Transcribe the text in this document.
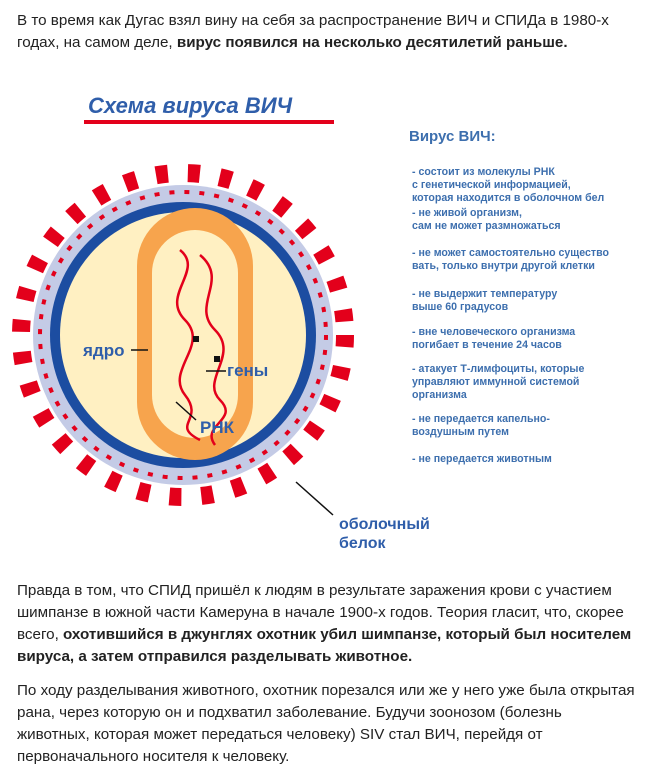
В то время как Дугас взял вину на себя за распространение ВИЧ и СПИДа в 1980-х годах, на самом деле, вирус появился на несколько десятилетий раньше.

Схема вируса ВИЧ
ядро
гены
РНК
оболочный
белок
Вирус ВИЧ:
- состоит из молекулы РНК
с генетической информацией,
которая находится в оболочном бел
- не живой организм,
сам не может размножаться
- не может самостоятельно существо
вать, только внутри другой клетки
- не выдержит температуру
выше 60 градусов
- вне человеческого организма
погибает в течение 24 часов
- атакует Т-лимфоциты, которые
управляют иммунной системой
организма
- не передается капельно-
воздушным путем
- не передается животным

Правда в том, что СПИД пришёл к людям в результате заражения крови с участием шимпанзе в южной части Камеруна в начале 1900-х годов. Теория гласит, что, скорее всего, охотившийся в джунглях охотник убил шимпанзе, который был носителем вируса, а затем отправился разделывать животное.

По ходу разделывания животного, охотник порезался или же у него уже была открытая рана, через которую он и подхватил заболевание. Будучи зоонозом (болезнь животных, которая может передаться человеку) SIV стал ВИЧ, перейдя от первоначального носителя к человеку.
